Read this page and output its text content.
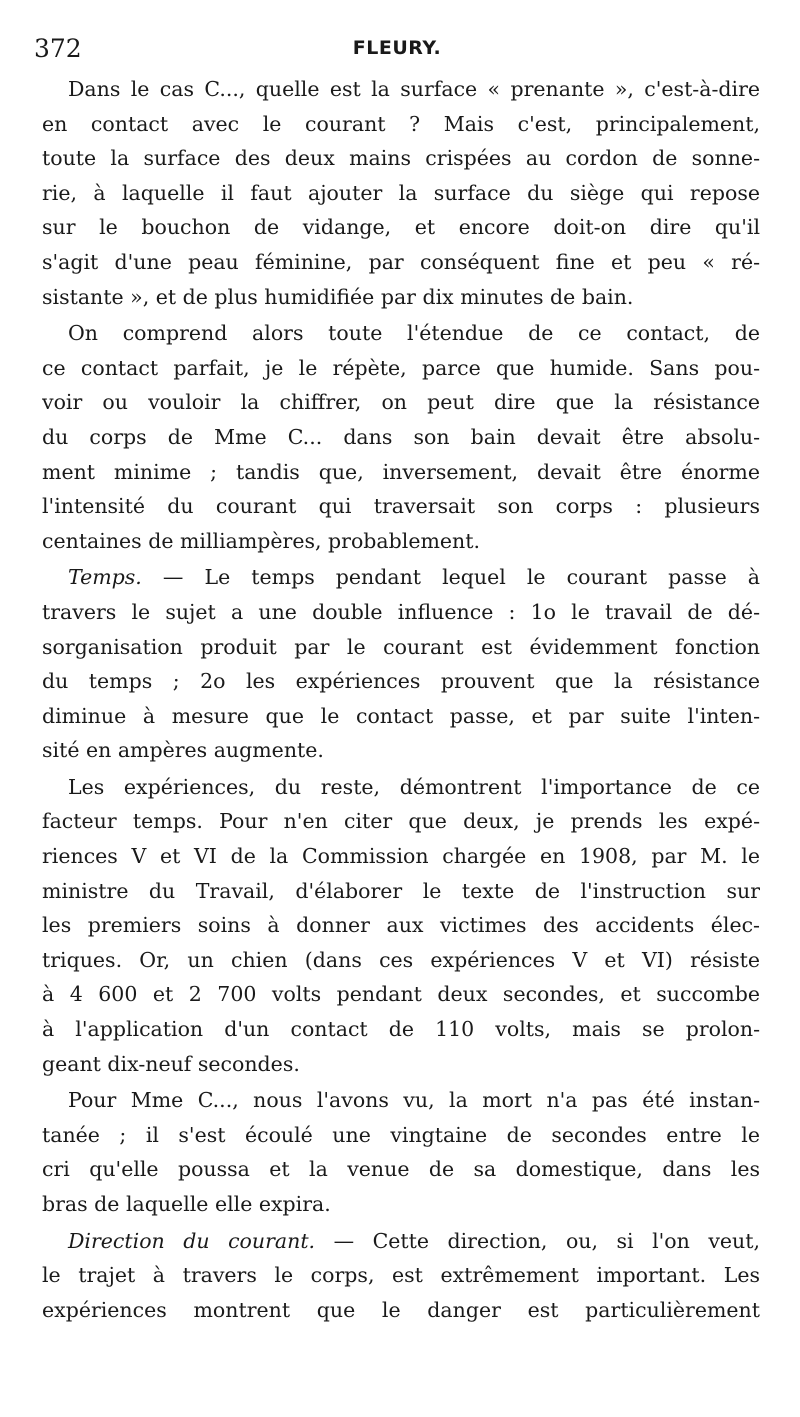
372	FLEURY.
Dans le cas C..., quelle est la surface « prenante », c'est-à-dire
en contact avec le courant ? Mais c'est, principalement,
toute la surface des deux mains crispées au cordon de sonne-
rie, à laquelle il faut ajouter la surface du siège qui repose
sur le bouchon de vidange, et encore doit-on dire qu'il
s'agit d'une peau féminine, par conséquent fine et peu « ré-
sistante », et de plus humidifiée par dix minutes de bain.
On comprend alors toute l'étendue de ce contact, de
ce contact parfait, je le répète, parce que humide. Sans pou-
voir ou vouloir la chiffrer, on peut dire que la résistance
du corps de Mme C... dans son bain devait être absolu-
ment minime ; tandis que, inversement, devait être énorme
l'intensité du courant qui traversait son corps : plusieurs
centaines de milliampères, probablement.
Temps. — Le temps pendant lequel le courant passe à
travers le sujet a une double influence : 1o le travail de dé-
sorganisation produit par le courant est évidemment fonction
du temps ; 2o les expériences prouvent que la résistance
diminue à mesure que le contact passe, et par suite l'inten-
sité en ampères augmente.
Les expériences, du reste, démontrent l'importance de ce
facteur temps. Pour n'en citer que deux, je prends les expé-
riences V et VI de la Commission chargée en 1908, par M. le
ministre du Travail, d'élaborer le texte de l'instruction sur
les premiers soins à donner aux victimes des accidents élec-
triques. Or, un chien (dans ces expériences V et VI) résiste
à 4 600 et 2 700 volts pendant deux secondes, et succombe
à l'application d'un contact de 110 volts, mais se prolon-
geant dix-neuf secondes.
Pour Mme C..., nous l'avons vu, la mort n'a pas été instan-
tanée ; il s'est écoulé une vingtaine de secondes entre le
cri qu'elle poussa et la venue de sa domestique, dans les
bras de laquelle elle expira.
Direction du courant. — Cette direction, ou, si l'on veut,
le trajet à travers le corps, est extrêmement important. Les
expériences montrent que le danger est particulièrement
